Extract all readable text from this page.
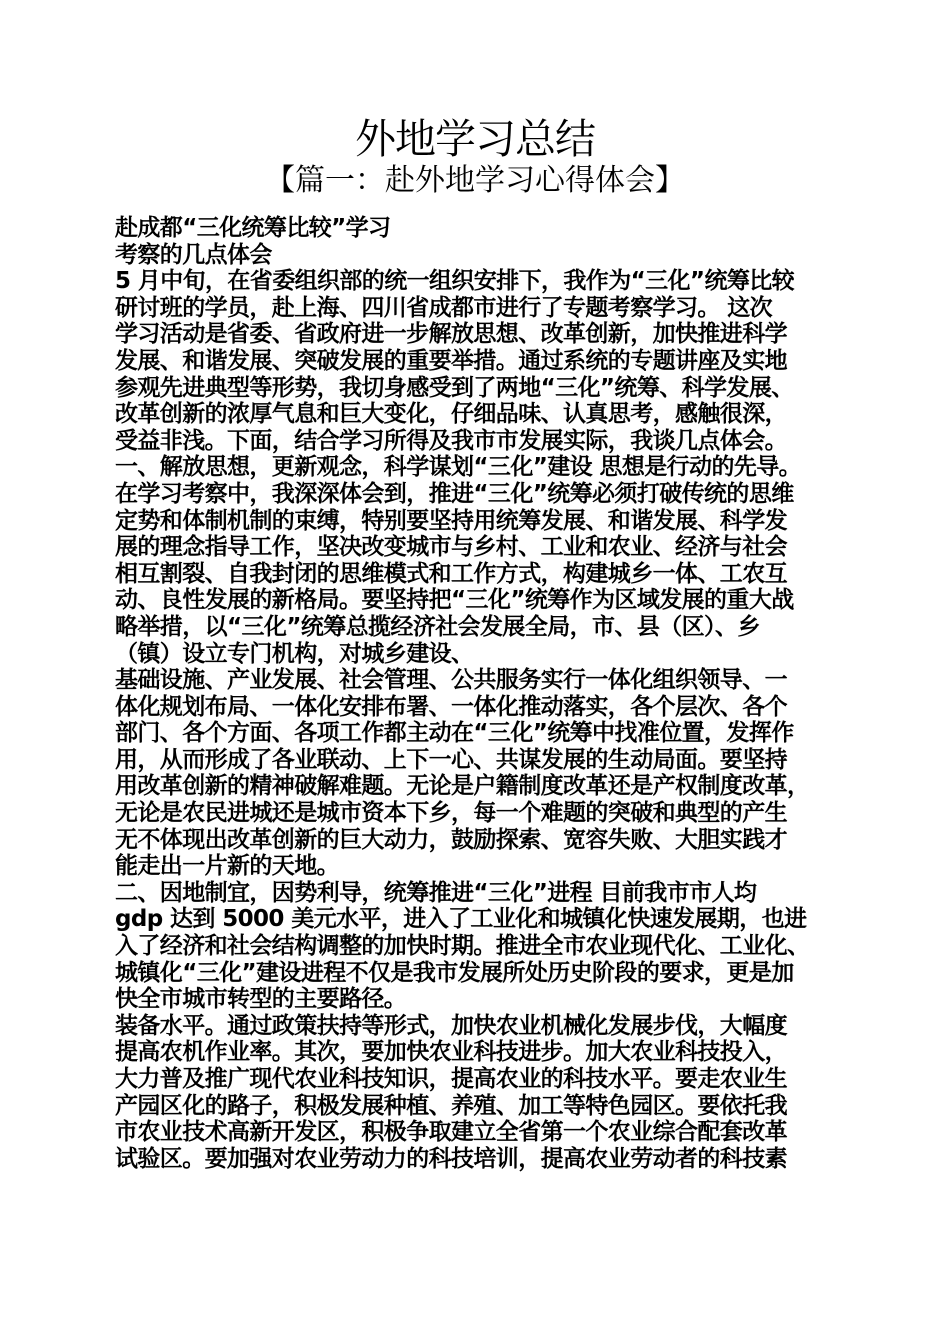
外地学习总结
【篇一：赴外地学习心得体会】
赴成都“三化统筹比较”学习
考察的几点体会
5 月中旬，在省委组织部的统一组织安排下，我作为“三化”统筹比较
研讨班的学员，赴上海、四川省成都市进行了专题考察学习。 这次
学习活动是省委、省政府进一步解放思想、改革创新，加快推进科学
发展、和谐发展、突破发展的重要举措。通过系统的专题讲座及实地
参观先进典型等形势，我切身感受到了两地“三化”统筹、科学发展、
改革创新的浓厚气息和巨大变化，仔细品味、认真思考，感触很深，
受益非浅。下面，结合学习所得及我市市发展实际，我谈几点体会。
一、解放思想，更新观念，科学谋划“三化”建设 思想是行动的先导。
在学习考察中，我深深体会到，推进“三化”统筹必须打破传统的思维
定势和体制机制的束缚，特别要坚持用统筹发展、和谐发展、科学发
展的理念指导工作，坚决改变城市与乡村、工业和农业、经济与社会
相互割裂、自我封闭的思维模式和工作方式，构建城乡一体、工农互
动、良性发展的新格局。要坚持把“三化”统筹作为区域发展的重大战
略举措，以“三化”统筹总揽经济社会发展全局，市、县（区）、乡
（镇）设立专门机构，对城乡建设、
基础设施、产业发展、社会管理、公共服务实行一体化组织领导、一
体化规划布局、一体化安排布署、一体化推动落实，各个层次、各个
部门、各个方面、各项工作都主动在“三化”统筹中找准位置，发挥作
用，从而形成了各业联动、上下一心、共谋发展的生动局面。要坚持
用改革创新的精神破解难题。无论是户籍制度改革还是产权制度改革，
无论是农民进城还是城市资本下乡，每一个难题的突破和典型的产生
无不体现出改革创新的巨大动力，鼓励探索、宽容失败、大胆实践才
能走出一片新的天地。
二、因地制宜，因势利导，统筹推进“三化”进程 目前我市市人均
gdp 达到 5000 美元水平，进入了工业化和城镇化快速发展期，也进
入了经济和社会结构调整的加快时期。推进全市农业现代化、工业化、
城镇化“三化”建设进程不仅是我市发展所处历史阶段的要求，更是加
快全市城市转型的主要路径。
装备水平。通过政策扶持等形式，加快农业机械化发展步伐，大幅度
提高农机作业率。其次，要加快农业科技进步。加大农业科技投入，
大力普及推广现代农业科技知识，提高农业的科技水平。要走农业生
产园区化的路子，积极发展种植、养殖、加工等特色园区。要依托我
市农业技术高新开发区，积极争取建立全省第一个农业综合配套改革
试验区。要加强对农业劳动力的科技培训，提高农业劳动者的科技素
